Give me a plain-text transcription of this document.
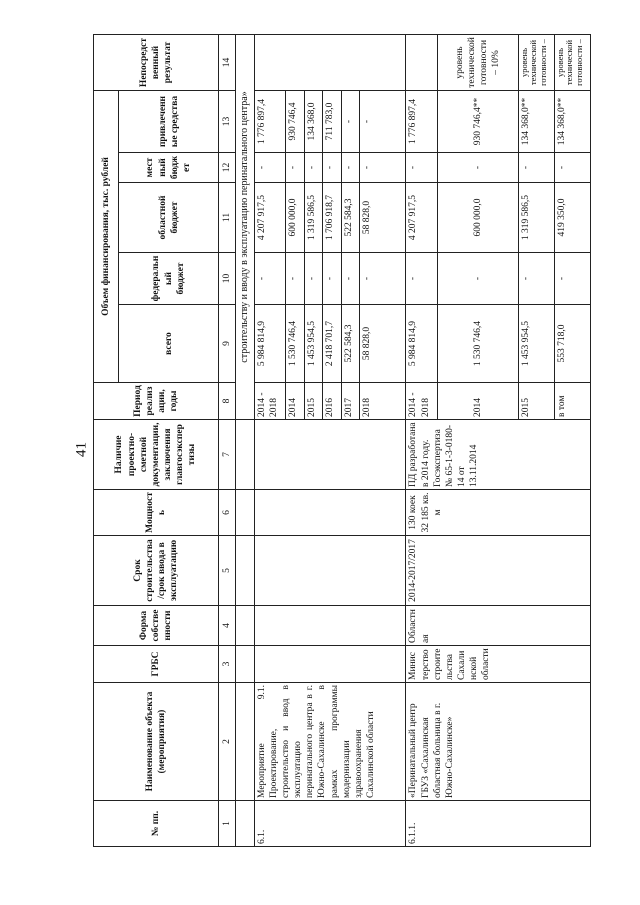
41
№ пп.	Наименование объекта (мероприятия)	ГРБС	Форма собственности	Срок строительства/срок ввода в эксплуатацию	Мощность	Наличие проектно-сметной документации, заключения главгосэкспертизы	Период реализации, годы	Объем финансирования, тыс. рублей					Непосредственный результат
								всего	федеральный бюджет	областной бюджет	местный бюджет	привлеченные средства	
1	2	3	4	5	6	7	8	9	10	11	12	13	14
							строительству и вводу в эксплуатацию перинатального центра»						
6.1.	Мероприятие 9.1. Проектирование, строительство и ввод в эксплуатацию перинатального центра в г. Южно-Сахалинске в рамках программы модернизации здравоохранения Сахалинской области						2014 - 2018	5 984 814,9	-	4 207 917,5	-	1 776 897,4	
							2014	1 530 746,4	-	600 000,0	-	930 746,4	
							2015	1 453 954,5	-	1 319 586,5	-	134 368,0	
							2016	2 418 701,7	-	1 706 918,7	-	711 783,0	
							2017	522 584,3	-	522 584,3	-	-	
							2018	58 828,0	-	58 828,0	-	-	
6.1.1.	«Перинатальный центр ГБУЗ «Сахалинская областная больница в г. Южно-Сахалинске»	Министерство строительства Сахалинской области	Областная	2014-2017/2017	130 коек 32 185 кв. м	ПД разработана в 2014 году. Госэкспертиза № 65-1-3-0180-14 от 13.11.2014	2014 - 2018	5 984 814,9	-	4 207 917,5	-	1 776 897,4	
							2014	1 530 746,4	-	600 000,0	-	930 746,4**	уровень технической готовности – 10%
							2015	1 453 954,5	-	1 319 586,5	-	134 368,0**	уровень технической готовности –
							в том	553 718,0	-	419 350,0	-	134 368,0**	уровень технической готовности –
